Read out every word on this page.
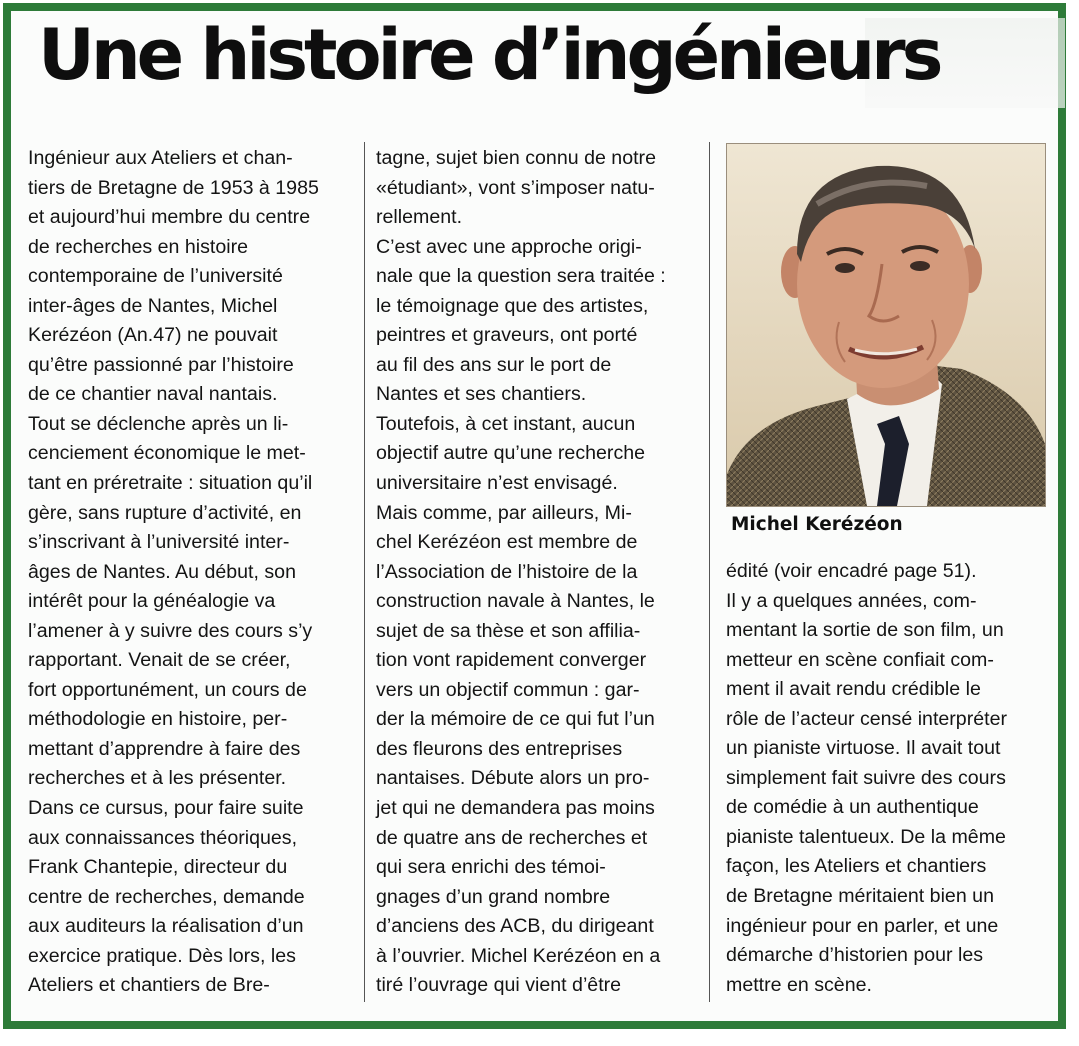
Une histoire d’ingénieurs

Ingénieur aux Ateliers et chan-

tiers de Bretagne de 1953 à 1985

et aujourd’hui membre du centre

de recherches en histoire

contemporaine de l’université

inter-âges de Nantes, Michel

Kerézéon (An.47) ne pouvait

qu’être passionné par l’histoire

de ce chantier naval nantais.

Tout se déclenche après un li-

cenciement économique le met-

tant en préretraite : situation qu’il

gère, sans rupture d’activité, en

s’inscrivant à l’université inter-

âges de Nantes. Au début, son

intérêt pour la généalogie va

l’amener à y suivre des cours s’y

rapportant. Venait de se créer,

fort opportunément, un cours de

méthodologie en histoire, per-

mettant d’apprendre à faire des

recherches et à les présenter.

Dans ce cursus, pour faire suite

aux connaissances théoriques,

Frank Chantepie, directeur du

centre de recherches, demande

aux auditeurs la réalisation d’un

exercice pratique. Dès lors, les

Ateliers et chantiers de Bre-

tagne, sujet bien connu de notre

«étudiant», vont s’imposer natu-

rellement.

C’est avec une approche origi-

nale que la question sera traitée :

le témoignage que des artistes,

peintres et graveurs, ont porté

au fil des ans sur le port de

Nantes et ses chantiers.

Toutefois, à cet instant, aucun

objectif autre qu’une recherche

universitaire n’est envisagé.

Mais comme, par ailleurs, Mi-

chel Kerézéon est membre de

l’Association de l’histoire de la

construction navale à Nantes, le

sujet de sa thèse et son affilia-

tion vont rapidement converger

vers un objectif commun : gar-

der la mémoire de ce qui fut l’un

des fleurons des entreprises

nantaises. Débute alors un pro-

jet qui ne demandera pas moins

de quatre ans de recherches et

qui sera enrichi des témoi-

gnages d’un grand nombre

d’anciens des ACB, du dirigeant

à l’ouvrier. Michel Kerézéon en a

tiré l’ouvrage qui vient d’être

Michel Kerézéon

édité (voir encadré page 51).

Il y a quelques années, com-

mentant la sortie de son film, un

metteur en scène confiait com-

ment il avait rendu crédible le

rôle de l’acteur censé interpréter

un pianiste virtuose. Il avait tout

simplement fait suivre des cours

de comédie à un authentique

pianiste talentueux. De la même

façon, les Ateliers et chantiers

de Bretagne méritaient bien un

ingénieur pour en parler, et une

démarche d’historien pour les

mettre en scène.
